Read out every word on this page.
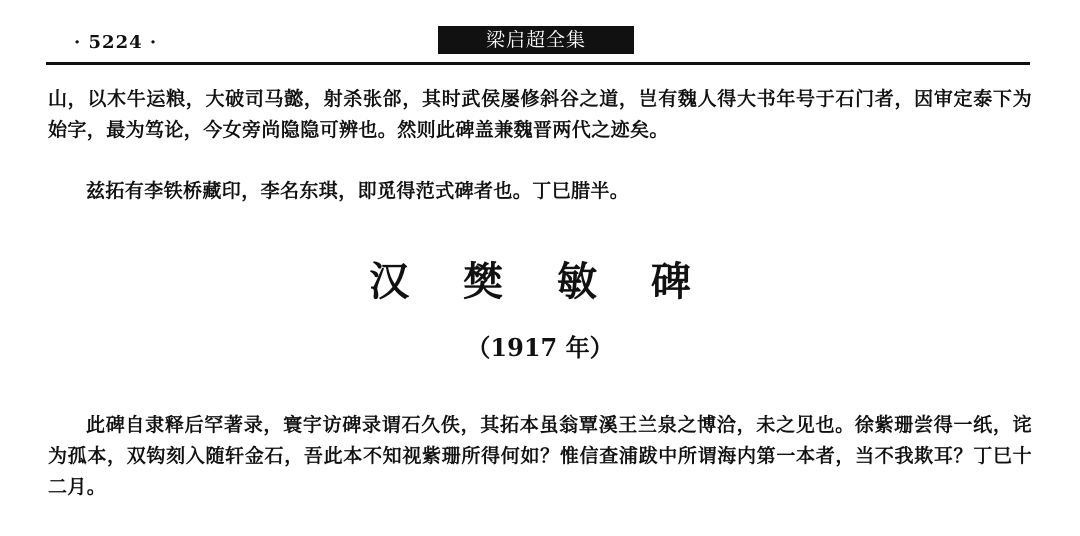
· 5224 ·	梁启超全集

山，以木牛运粮，大破司马懿，射杀张郃，其时武侯屡修斜谷之道，岂有魏人得大书年号于石门者，因审定泰下为始字，最为笃论，今女旁尚隐隐可辨也。然则此碑盖兼魏晋两代之迹矣。

兹拓有李铁桥藏印，李名东琪，即觅得范式碑者也。丁巳腊半。

汉 樊 敏 碑
（1917 年）

此碑自隶释后罕著录，寰宇访碑录谓石久佚，其拓本虽翁覃溪王兰泉之博洽，未之见也。徐紫珊尝得一纸，诧为孤本，双钩刻入随轩金石，吾此本不知视紫珊所得何如？惟信查浦跋中所谓海内第一本者，当不我欺耳？丁巳十二月。
